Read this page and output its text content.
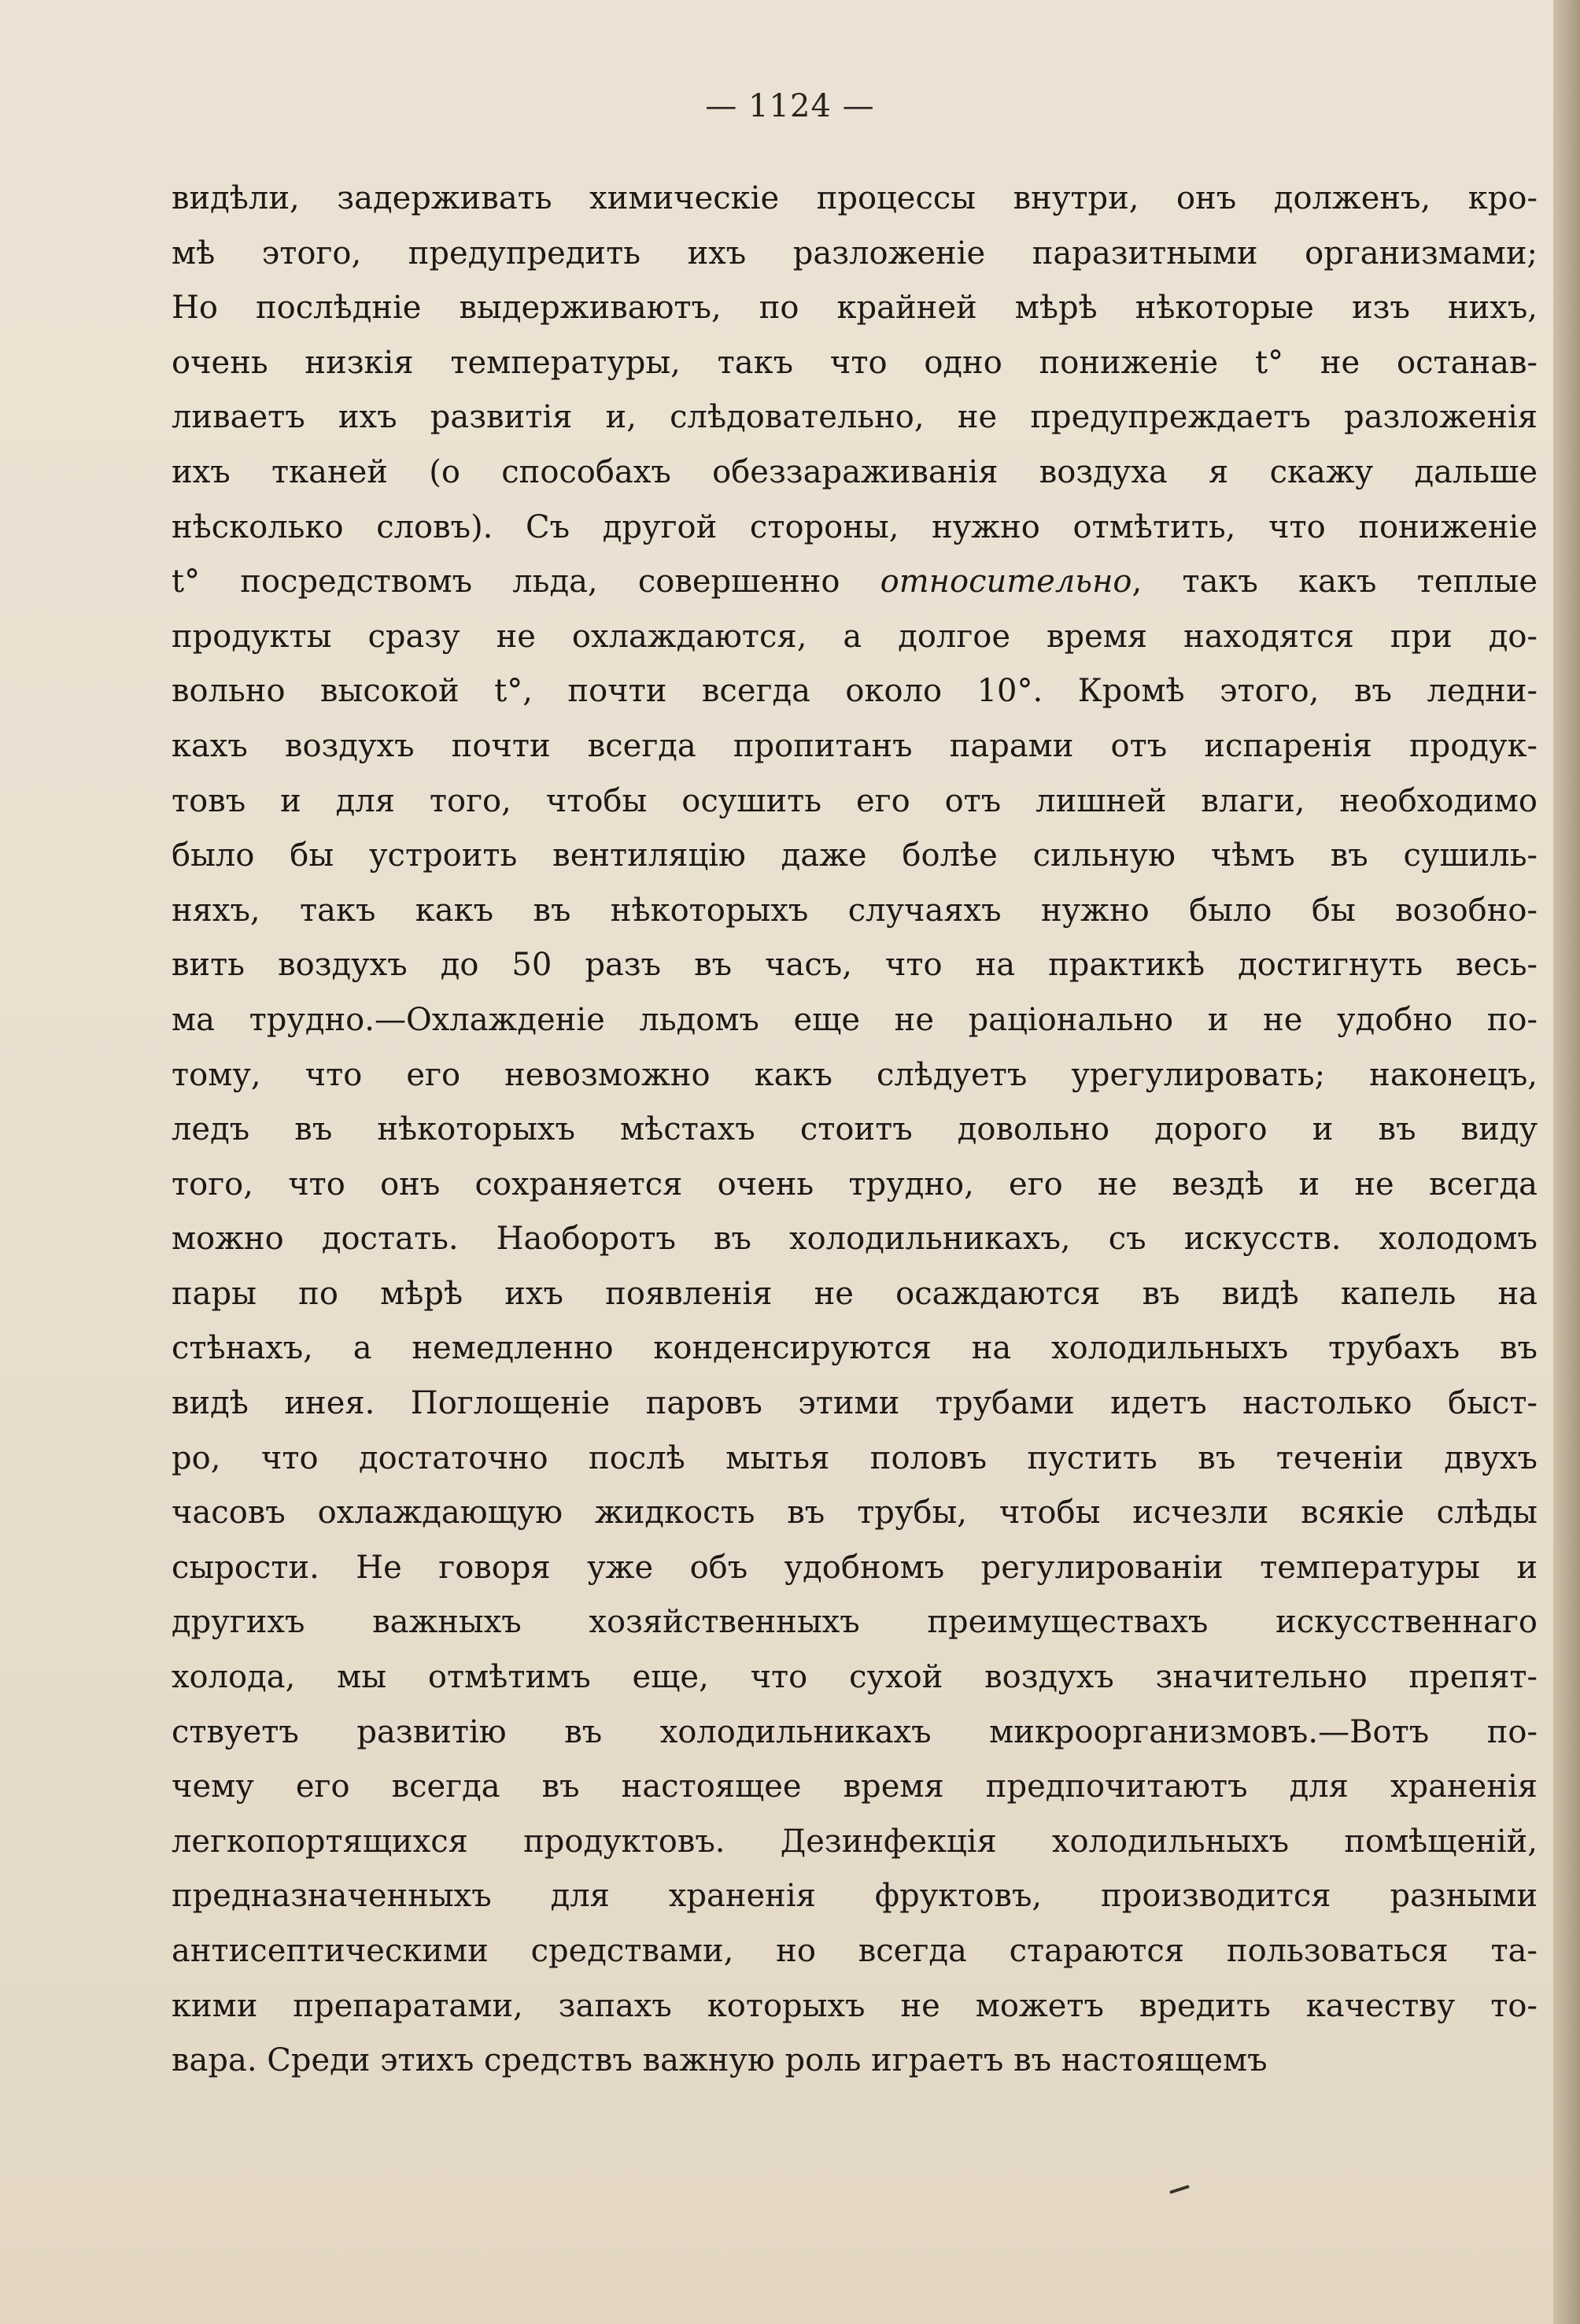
— 1124 —
видѣли, задерживать химическіе процессы внутри, онъ долженъ, кро-
мѣ этого, предупредить ихъ разложеніе паразитными организмами;
Но послѣдніе выдерживаютъ, по крайней мѣрѣ нѣкоторые изъ нихъ,
очень низкія температуры, такъ что одно пониженіе t° не останав-
ливаетъ ихъ развитія и, слѣдовательно, не предупреждаетъ разложенія
ихъ тканей (о способахъ обеззараживанія воздуха я скажу дальше
нѣсколько словъ). Съ другой стороны, нужно отмѣтить, что пониженіе
t° посредствомъ льда, совершенно относительно, такъ какъ теплые
продукты сразу не охлаждаются, а долгое время находятся при до-
вольно высокой t°, почти всегда около 10°. Кромѣ этого, въ ледни-
кахъ воздухъ почти всегда пропитанъ парами отъ испаренія продук-
товъ и для того, чтобы осушить его отъ лишней влаги, необходимо
было бы устроить вентиляцію даже болѣе сильную чѣмъ въ сушиль-
няхъ, такъ какъ въ нѣкоторыхъ случаяхъ нужно было бы возобно-
вить воздухъ до 50 разъ въ часъ, что на практикѣ достигнуть весь-
ма трудно.—Охлажденіе льдомъ еще не раціонально и не удобно по-
тому, что его невозможно какъ слѣдуетъ урегулировать; наконецъ,
ледъ въ нѣкоторыхъ мѣстахъ стоитъ довольно дорого и въ виду
того, что онъ сохраняется очень трудно, его не вездѣ и не всегда
можно достать. Наоборотъ въ холодильникахъ, съ искусств. холодомъ
пары по мѣрѣ ихъ появленія не осаждаются въ видѣ капель на
стѣнахъ, а немедленно конденсируются на холодильныхъ трубахъ въ
видѣ инея. Поглощеніе паровъ этими трубами идетъ настолько быст-
ро, что достаточно послѣ мытья половъ пустить въ теченіи двухъ
часовъ охлаждающую жидкость въ трубы, чтобы исчезли всякіе слѣды
сырости. Не говоря уже объ удобномъ регулированіи температуры и
другихъ важныхъ хозяйственныхъ преимуществахъ искусственнаго
холода, мы отмѣтимъ еще, что сухой воздухъ значительно препят-
ствуетъ развитію въ холодильникахъ микроорганизмовъ.—Вотъ по-
чему его всегда въ настоящее время предпочитаютъ для храненія
легкопортящихся продуктовъ. Дезинфекція холодильныхъ помѣщеній,
предназначенныхъ для храненія фруктовъ, производится разными
антисептическими средствами, но всегда стараются пользоваться та-
кими препаратами, запахъ которыхъ не можетъ вредить качеству то-
вара. Среди этихъ средствъ важную роль играетъ въ настоящемъ
